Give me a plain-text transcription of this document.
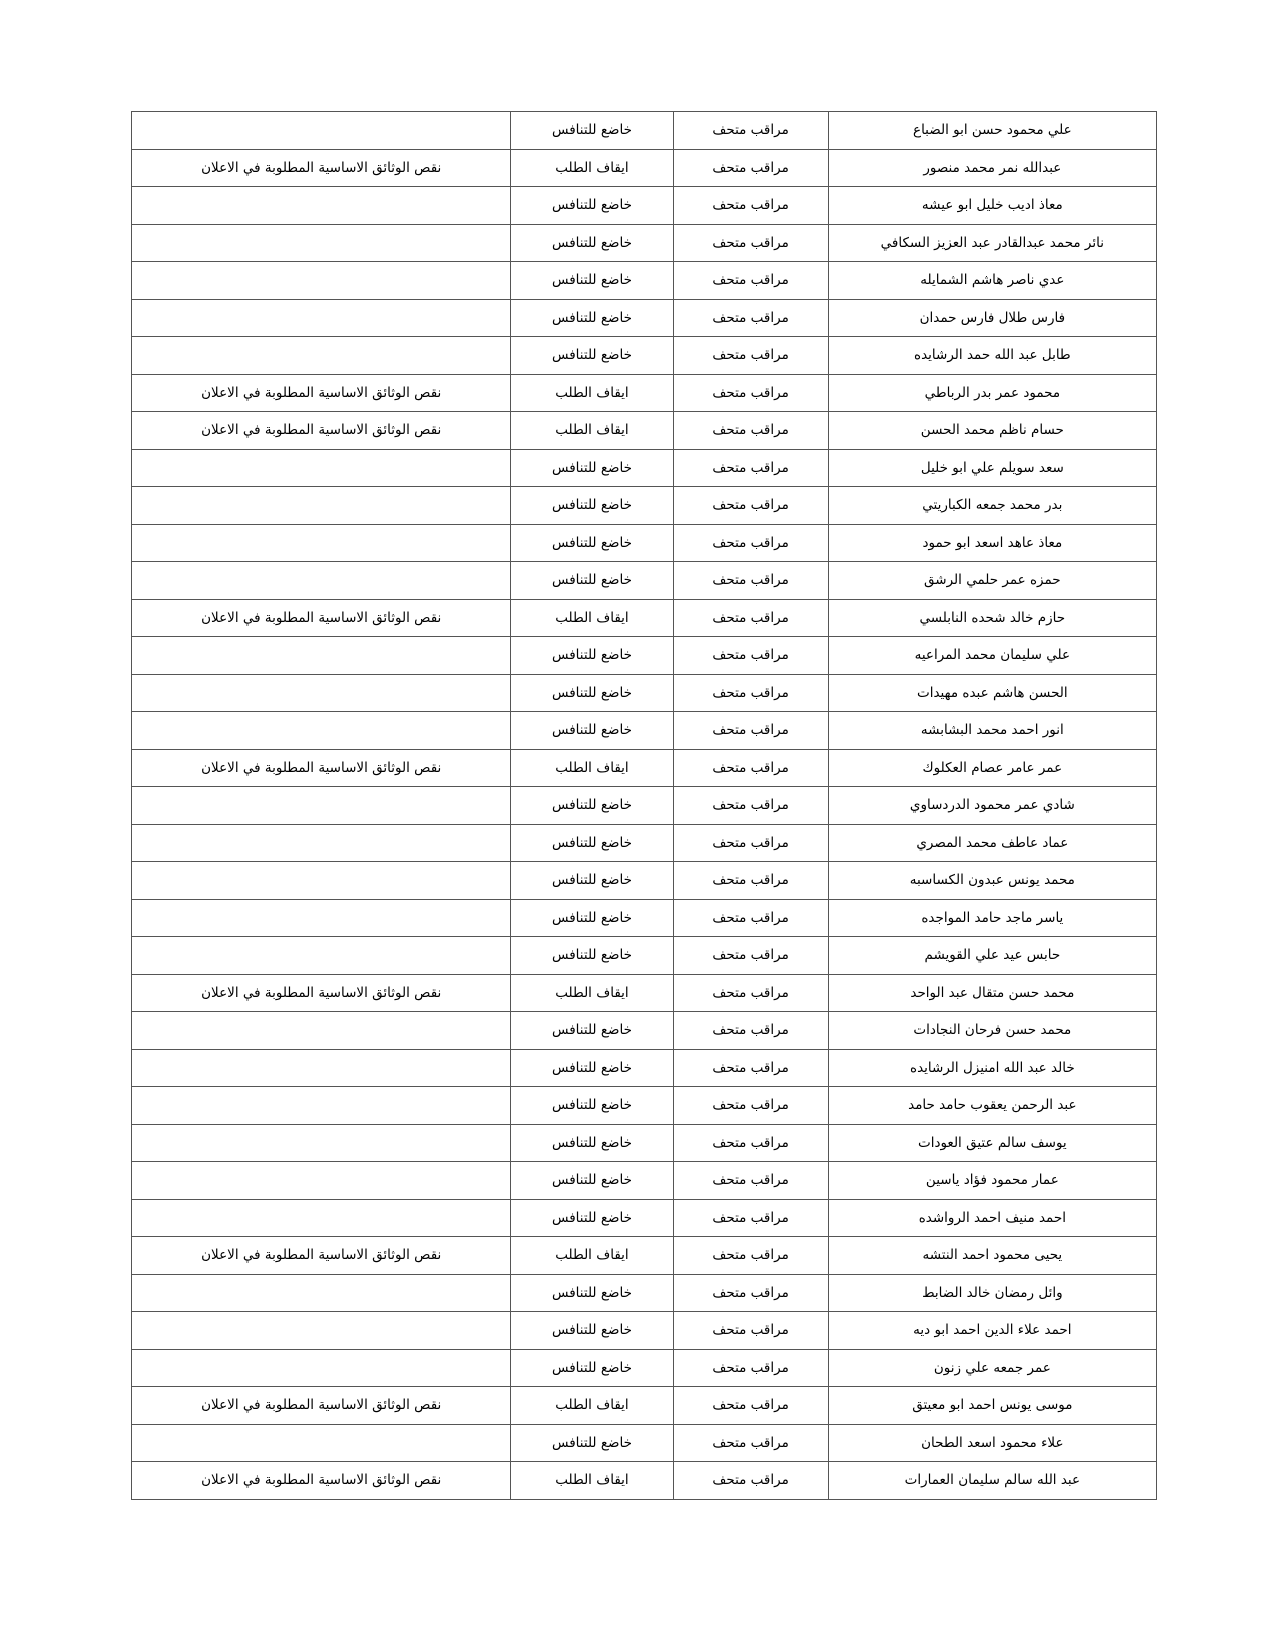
علي محمود حسن ابو الضباع	مراقب متحف	خاضع للتنافس	
عبدالله نمر محمد منصور	مراقب متحف	ايقاف الطلب	نقص الوثائق الاساسية المطلوبة في الاعلان
معاذ اديب خليل ابو عيشه	مراقب متحف	خاضع للتنافس	
نائر محمد عبدالقادر عبد العزيز السكافي	مراقب متحف	خاضع للتنافس	
عدي ناصر هاشم الشمايله	مراقب متحف	خاضع للتنافس	
فارس طلال فارس حمدان	مراقب متحف	خاضع للتنافس	
طابل عبد الله حمد الرشايده	مراقب متحف	خاضع للتنافس	
محمود عمر بدر الرباطي	مراقب متحف	ايقاف الطلب	نقص الوثائق الاساسية المطلوبة في الاعلان
حسام ناظم محمد الحسن	مراقب متحف	ايقاف الطلب	نقص الوثائق الاساسية المطلوبة في الاعلان
سعد سويلم علي ابو خليل	مراقب متحف	خاضع للتنافس	
بدر محمد جمعه الكباريتي	مراقب متحف	خاضع للتنافس	
معاذ عاهد اسعد ابو حمود	مراقب متحف	خاضع للتنافس	
حمزه عمر حلمي الرشق	مراقب متحف	خاضع للتنافس	
حازم خالد شحده النابلسي	مراقب متحف	ايقاف الطلب	نقص الوثائق الاساسية المطلوبة في الاعلان
علي سليمان محمد المراعيه	مراقب متحف	خاضع للتنافس	
الحسن هاشم عبده مهيدات	مراقب متحف	خاضع للتنافس	
انور احمد محمد البشابشه	مراقب متحف	خاضع للتنافس	
عمر عامر عصام العكلوك	مراقب متحف	ايقاف الطلب	نقص الوثائق الاساسية المطلوبة في الاعلان
شادي عمر محمود الدردساوي	مراقب متحف	خاضع للتنافس	
عماد عاطف محمد المصري	مراقب متحف	خاضع للتنافس	
محمد يونس عبدون الكساسبه	مراقب متحف	خاضع للتنافس	
ياسر ماجد حامد المواجده	مراقب متحف	خاضع للتنافس	
حابس عيد علي القويشم	مراقب متحف	خاضع للتنافس	
محمد حسن متقال عبد الواحد	مراقب متحف	ايقاف الطلب	نقص الوثائق الاساسية المطلوبة في الاعلان
محمد حسن فرحان النجادات	مراقب متحف	خاضع للتنافس	
خالد عبد الله امنيزل الرشايده	مراقب متحف	خاضع للتنافس	
عبد الرحمن يعقوب حامد حامد	مراقب متحف	خاضع للتنافس	
يوسف سالم عتيق العودات	مراقب متحف	خاضع للتنافس	
عمار محمود فؤاد ياسين	مراقب متحف	خاضع للتنافس	
احمد منيف احمد الرواشده	مراقب متحف	خاضع للتنافس	
يحيى محمود احمد النتشه	مراقب متحف	ايقاف الطلب	نقص الوثائق الاساسية المطلوبة في الاعلان
وائل رمضان خالد الضابط	مراقب متحف	خاضع للتنافس	
احمد علاء الدين احمد ابو ديه	مراقب متحف	خاضع للتنافس	
عمر جمعه علي زنون	مراقب متحف	خاضع للتنافس	
موسى يونس احمد ابو معيتق	مراقب متحف	ايقاف الطلب	نقص الوثائق الاساسية المطلوبة في الاعلان
علاء محمود اسعد الطحان	مراقب متحف	خاضع للتنافس	
عبد الله سالم سليمان العمارات	مراقب متحف	ايقاف الطلب	نقص الوثائق الاساسية المطلوبة في الاعلان
